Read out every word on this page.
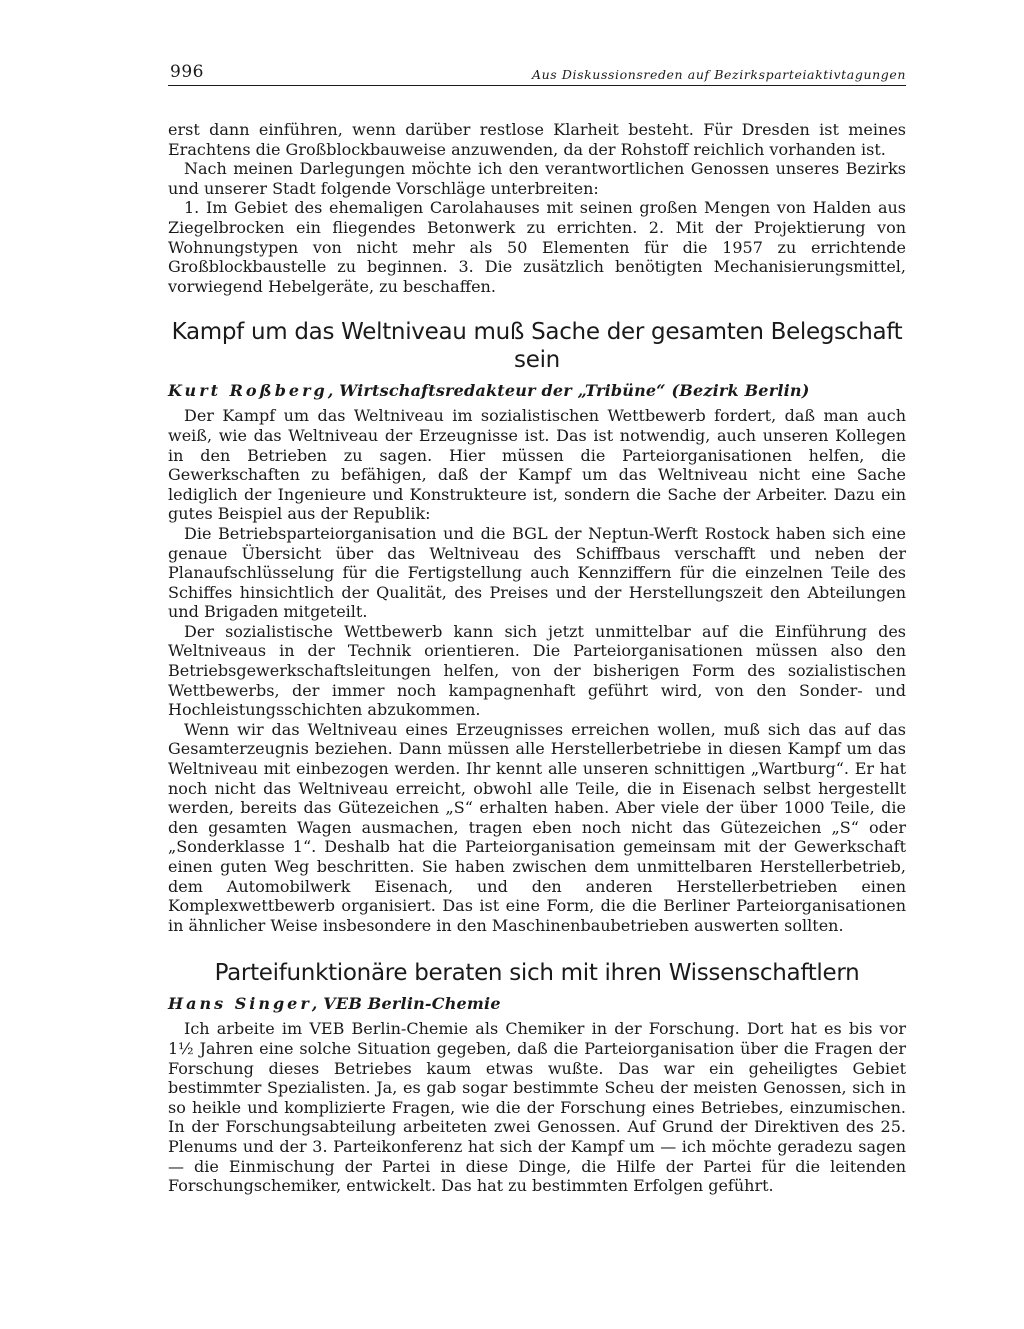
996	Aus Diskussionsreden auf Bezirksparteiaktivtagungen

erst dann einführen, wenn darüber restlose Klarheit besteht. Für Dresden ist meines Erachtens die Großblockbauweise anzuwenden, da der Rohstoff reichlich vorhanden ist.

Nach meinen Darlegungen möchte ich den verantwortlichen Genossen unseres Bezirks und unserer Stadt folgende Vorschläge unterbreiten:

1. Im Gebiet des ehemaligen Carolahauses mit seinen großen Mengen von Halden aus Ziegelbrocken ein fliegendes Betonwerk zu errichten. 2. Mit der Projektierung von Wohnungstypen von nicht mehr als 50 Elementen für die 1957 zu errichtende Großblockbaustelle zu beginnen. 3. Die zusätzlich benötigten Mechanisierungsmittel, vorwiegend Hebelgeräte, zu beschaffen.

Kampf um das Weltniveau muß Sache der gesamten Belegschaft sein
Kurt Roßberg, Wirtschaftsredakteur der „Tribüne“ (Bezirk Berlin)

Der Kampf um das Weltniveau im sozialistischen Wettbewerb fordert, daß man auch weiß, wie das Weltniveau der Erzeugnisse ist. Das ist notwendig, auch unseren Kollegen in den Betrieben zu sagen. Hier müssen die Parteiorganisationen helfen, die Gewerkschaften zu befähigen, daß der Kampf um das Weltniveau nicht eine Sache lediglich der Ingenieure und Konstrukteure ist, sondern die Sache der Arbeiter. Dazu ein gutes Beispiel aus der Republik:

Die Betriebsparteiorganisation und die BGL der Neptun-Werft Rostock haben sich eine genaue Übersicht über das Weltniveau des Schiffbaus verschafft und neben der Planaufschlüsselung für die Fertigstellung auch Kennziffern für die einzelnen Teile des Schiffes hinsichtlich der Qualität, des Preises und der Herstellungszeit den Abteilungen und Brigaden mitgeteilt.

Der sozialistische Wettbewerb kann sich jetzt unmittelbar auf die Einführung des Weltniveaus in der Technik orientieren. Die Parteiorganisationen müssen also den Betriebsgewerkschaftsleitungen helfen, von der bisherigen Form des sozialistischen Wettbewerbs, der immer noch kampagnenhaft geführt wird, von den Sonder- und Hochleistungsschichten abzukommen.

Wenn wir das Weltniveau eines Erzeugnisses erreichen wollen, muß sich das auf das Gesamterzeugnis beziehen. Dann müssen alle Herstellerbetriebe in diesen Kampf um das Weltniveau mit einbezogen werden. Ihr kennt alle unseren schnittigen „Wartburg“. Er hat noch nicht das Weltniveau erreicht, obwohl alle Teile, die in Eisenach selbst hergestellt werden, bereits das Gütezeichen „S“ erhalten haben. Aber viele der über 1000 Teile, die den gesamten Wagen ausmachen, tragen eben noch nicht das Gütezeichen „S“ oder „Sonderklasse 1“. Deshalb hat die Parteiorganisation gemeinsam mit der Gewerkschaft einen guten Weg beschritten. Sie haben zwischen dem unmittelbaren Herstellerbetrieb, dem Automobilwerk Eisenach, und den anderen Herstellerbetrieben einen Komplexwettbewerb organisiert. Das ist eine Form, die die Berliner Parteiorganisationen in ähnlicher Weise insbesondere in den Maschinenbaubetrieben auswerten sollten.

Parteifunktionäre beraten sich mit ihren Wissenschaftlern
Hans Singer, VEB Berlin-Chemie

Ich arbeite im VEB Berlin-Chemie als Chemiker in der Forschung. Dort hat es bis vor 1½ Jahren eine solche Situation gegeben, daß die Parteiorganisation über die Fragen der Forschung dieses Betriebes kaum etwas wußte. Das war ein geheiligtes Gebiet bestimmter Spezialisten. Ja, es gab sogar bestimmte Scheu der meisten Genossen, sich in so heikle und komplizierte Fragen, wie die der Forschung eines Betriebes, einzumischen. In der Forschungsabteilung arbeiteten zwei Genossen. Auf Grund der Direktiven des 25. Plenums und der 3. Parteikonferenz hat sich der Kampf um — ich möchte geradezu sagen — die Einmischung der Partei in diese Dinge, die Hilfe der Partei für die leitenden Forschungschemiker, entwickelt. Das hat zu bestimmten Erfolgen geführt.
